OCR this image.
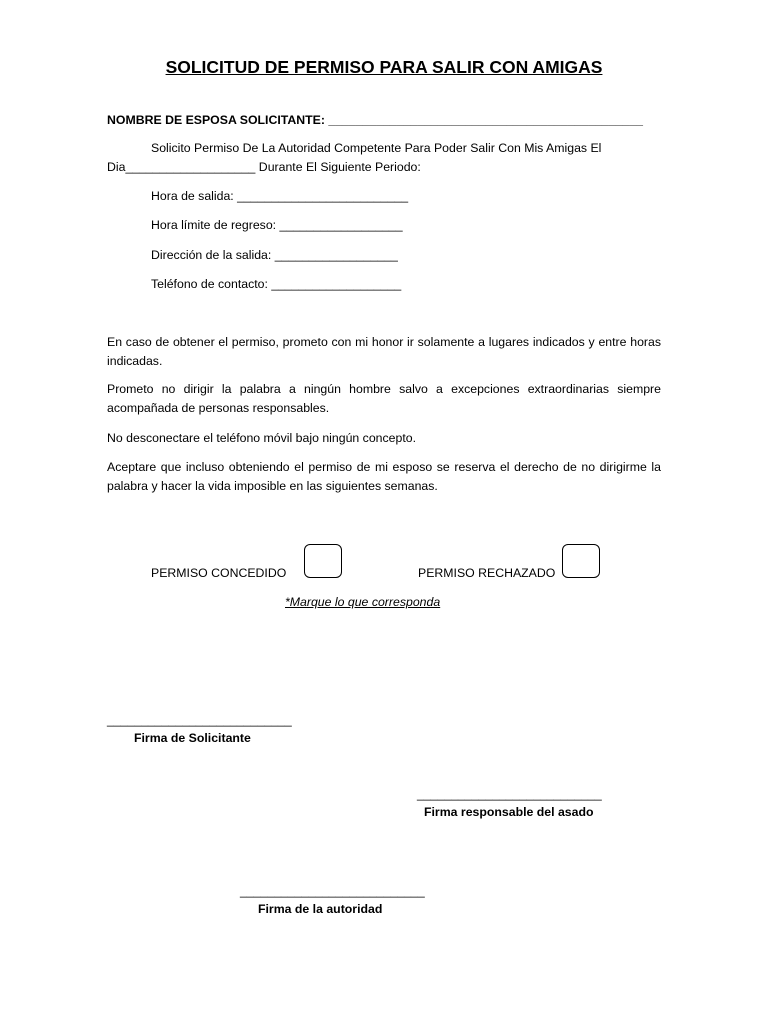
SOLICITUD DE PERMISO PARA SALIR CON AMIGAS
NOMBRE DE ESPOSA SOLICITANTE: ______________________________________________
Solicito Permiso De La Autoridad Competente Para Poder Salir Con Mis Amigas El
Dia___________________ Durante El Siguiente Periodo:
Hora de salida: _________________________
Hora límite de regreso: __________________
Dirección de la salida: __________________
Teléfono de contacto: ___________________
En caso de obtener el permiso, prometo con mi honor ir solamente a lugares indicados y entre horas indicadas.
Prometo no dirigir la palabra a ningún hombre salvo a excepciones extraordinarias siempre acompañada de personas responsables.
No desconectare el teléfono móvil bajo ningún concepto.
Aceptare que incluso obteniendo el permiso de mi esposo se reserva el derecho de no dirigirme la palabra y hacer la vida imposible en las siguientes semanas.
PERMISO CONCEDIDO	PERMISO RECHAZADO
*Marque lo que corresponda
___________________________
Firma de Solicitante
___________________________
Firma responsable del asado
___________________________
Firma de la autoridad
